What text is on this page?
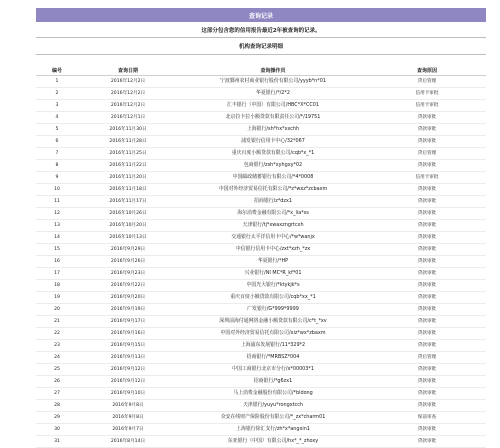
查询记录
这部分包含您的信用报告最近2年被查询的记录。
机构查询记录明细
编号	查询日期	查询操作员	查询原因
1	2016年12月2日	宁波鄞州农村商业银行股份有限公司/yyyb*n*01	贷后管理
2	2016年12月2日	华夏银行/*/2*2	信用卡审批
3	2016年12月2日	汇丰银行（中国）有限公司/HBC*X*CC01	信用卡审批
4	2016年12月1日	北京拉卡拉小额贷款有限责任公司/*/19751	贷款审批
5	2016年11月30日	上海银行/sh*hx*xxchh	贷款审批
6	2016年11月28日	浦发银行信用卡中心/32*067	贷款审批
7	2016年11月25日	重庆百度小额贷款有限公司/cqb*x_*1	贷后管理
8	2016年11月22日	包商银行/zsh*xyhgxy*02	贷款审批
9	2016年11月20日	中国邮政储蓄银行有限公司/*4*0008	信用卡审批
10	2016年11月18日	中国对外经济贸易信托有限公司/*z*wxz*zcbaxm	贷款审批
11	2016年11月17日	招商银行/z*dzx1	贷款审批
12	2016年10月26日	海尔消费金融有限公司/*x_lia*ss	贷款审批
13	2016年10月20日	天津银行/tj*xwaxzngrtcxh	贷款审批
14	2016年10月13日	交通银行太平洋信用卡中心/*w*wanjx	贷款审批
15	2016年9月29日	中信银行信用卡中心/zxt*xzh_*zx	贷款审批
16	2016年9月26日	华夏银行/*HP	贷款审批
17	2016年9月23日	兴业银行/NI MC*R_kf*01	贷款审批
18	2016年9月22日	中国光大银行/*ktykjk*s	贷款审批
19	2016年9月20日	重庆百度小额贷款有限公司/cqb*xx_*1	贷款审批
20	2016年9月19日	广发银行/G*999*9999	贷款审批
21	2016年9月17日	深圳前海付通网络金融小额贷款有限公司/c*t_*xv	贷款审批
22	2016年9月16日	中国对外经济贸易信托有限公司/xiz*wx*zbaxm	贷款审批
23	2016年9月15日	上海浦东发展银行/11*329*2	贷款审批
24	2016年9月13日	招商银行/*MRBSZ*004	贷后管理
25	2016年9月12日	中国工商银行北京市分行/x*00003*1	贷款审批
26	2016年9月12日	招商银行/*g6zx1	贷款审批
27	2016年9月10日	马上消费金融股份有限公司/*bldong	贷款审批
28	2016年9月8日	天津银行/yuyu*rongxtcch	贷款审批
29	2016年9月8日	众安在线财产保险股份有限公司/*_zx*charm01	保前审查
30	2016年9月7日	上海银行徐汇支行/zh*x*angxin1	贷款审批
31	2016年8月14日	东亚银行（中国）有限公司/hx*_*_zhoxy	贷款审批
